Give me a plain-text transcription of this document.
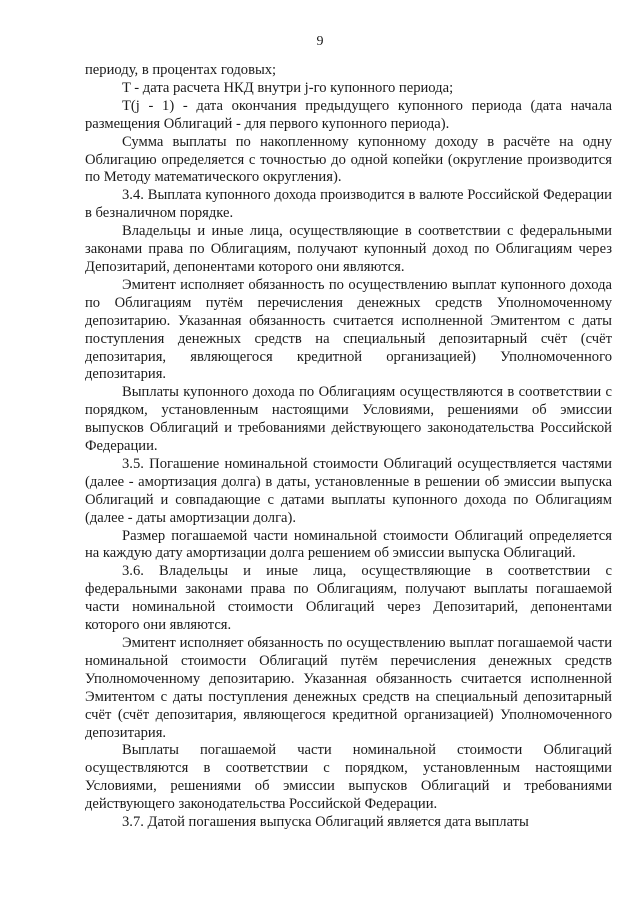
9

периоду, в процентах годовых;

T - дата расчета НКД внутри j-го купонного периода;

T(j - 1) - дата окончания предыдущего купонного периода (дата начала размещения Облигаций - для первого купонного периода).

Сумма выплаты по накопленному купонному доходу в расчёте на одну Облигацию определяется с точностью до одной копейки (округление производится по Методу математического округления).

3.4. Выплата купонного дохода производится в валюте Российской Федерации в безналичном порядке.

Владельцы и иные лица, осуществляющие в соответствии с федеральными законами права по Облигациям, получают купонный доход по Облигациям через Депозитарий, депонентами которого они являются.

Эмитент исполняет обязанность по осуществлению выплат купонного дохода по Облигациям путём перечисления денежных средств Уполномоченному депозитарию. Указанная обязанность считается исполненной Эмитентом с даты поступления денежных средств на специальный депозитарный счёт (счёт депозитария, являющегося кредитной организацией) Уполномоченного депозитария.

Выплаты купонного дохода по Облигациям осуществляются в соответствии с порядком, установленным настоящими Условиями, решениями об эмиссии выпусков Облигаций и требованиями действующего законодательства Российской Федерации.

3.5. Погашение номинальной стоимости Облигаций осуществляется частями (далее - амортизация долга) в даты, установленные в решении об эмиссии выпуска Облигаций и совпадающие с датами выплаты купонного дохода по Облигациям (далее - даты амортизации долга).

Размер погашаемой части номинальной стоимости Облигаций определяется на каждую дату амортизации долга решением об эмиссии выпуска Облигаций.

3.6. Владельцы и иные лица, осуществляющие в соответствии с федеральными законами права по Облигациям, получают выплаты погашаемой части номинальной стоимости Облигаций через Депозитарий, депонентами которого они являются.

Эмитент исполняет обязанность по осуществлению выплат погашаемой части номинальной стоимости Облигаций путём перечисления денежных средств Уполномоченному депозитарию. Указанная обязанность считается исполненной Эмитентом с даты поступления денежных средств на специальный депозитарный счёт (счёт депозитария, являющегося кредитной организацией) Уполномоченного депозитария.

Выплаты погашаемой части номинальной стоимости Облигаций осуществляются в соответствии с порядком, установленным настоящими Условиями, решениями об эмиссии выпусков Облигаций и требованиями действующего законодательства Российской Федерации.

3.7. Датой погашения выпуска Облигаций является дата выплаты
